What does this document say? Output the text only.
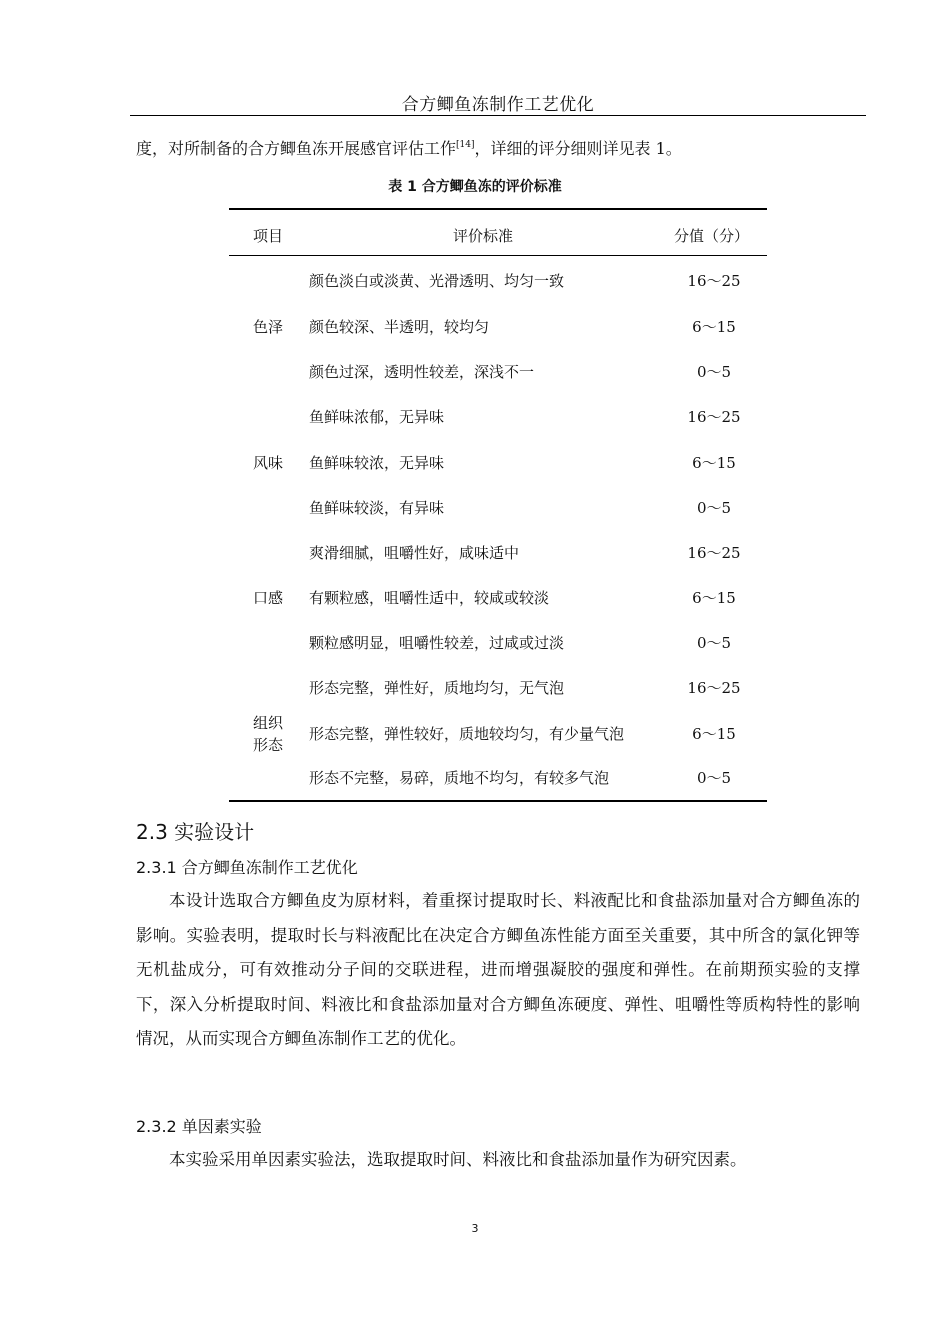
合方鲫鱼冻制作工艺优化
度，对所制备的合方鲫鱼冻开展感官评估工作[14]，详细的评分细则详见表 1。
表 1 合方鲫鱼冻的评价标准
项目	评价标准	分值（分）
色泽
颜色淡白或淡黄、光滑透明、均匀一致	16～25
颜色较深、半透明，较均匀	6～15
颜色过深，透明性较差，深浅不一	0～5
风味
鱼鲜味浓郁，无异味	16～25
鱼鲜味较浓，无异味	6～15
鱼鲜味较淡，有异味	0～5
口感
爽滑细腻，咀嚼性好，咸味适中	16～25
有颗粒感，咀嚼性适中，较咸或较淡	6～15
颗粒感明显，咀嚼性较差，过咸或过淡	0～5
组织形态
形态完整，弹性好，质地均匀，无气泡	16～25
形态完整，弹性较好，质地较均匀，有少量气泡	6～15
形态不完整，易碎，质地不均匀，有较多气泡	0～5
2.3 实验设计
2.3.1 合方鲫鱼冻制作工艺优化

本设计选取合方鲫鱼皮为原材料，着重探讨提取时长、料液配比和食盐添加量对合方鲫鱼冻的影响。实验表明，提取时长与料液配比在决定合方鲫鱼冻性能方面至关重要，其中所含的氯化钾等无机盐成分，可有效推动分子间的交联进程，进而增强凝胶的强度和弹性。在前期预实验的支撑下，深入分析提取时间、料液比和食盐添加量对合方鲫鱼冻硬度、弹性、咀嚼性等质构特性的影响情况，从而实现合方鲫鱼冻制作工艺的优化。

2.3.2 单因素实验

本实验采用单因素实验法，选取提取时间、料液比和食盐添加量作为研究因素。

3
